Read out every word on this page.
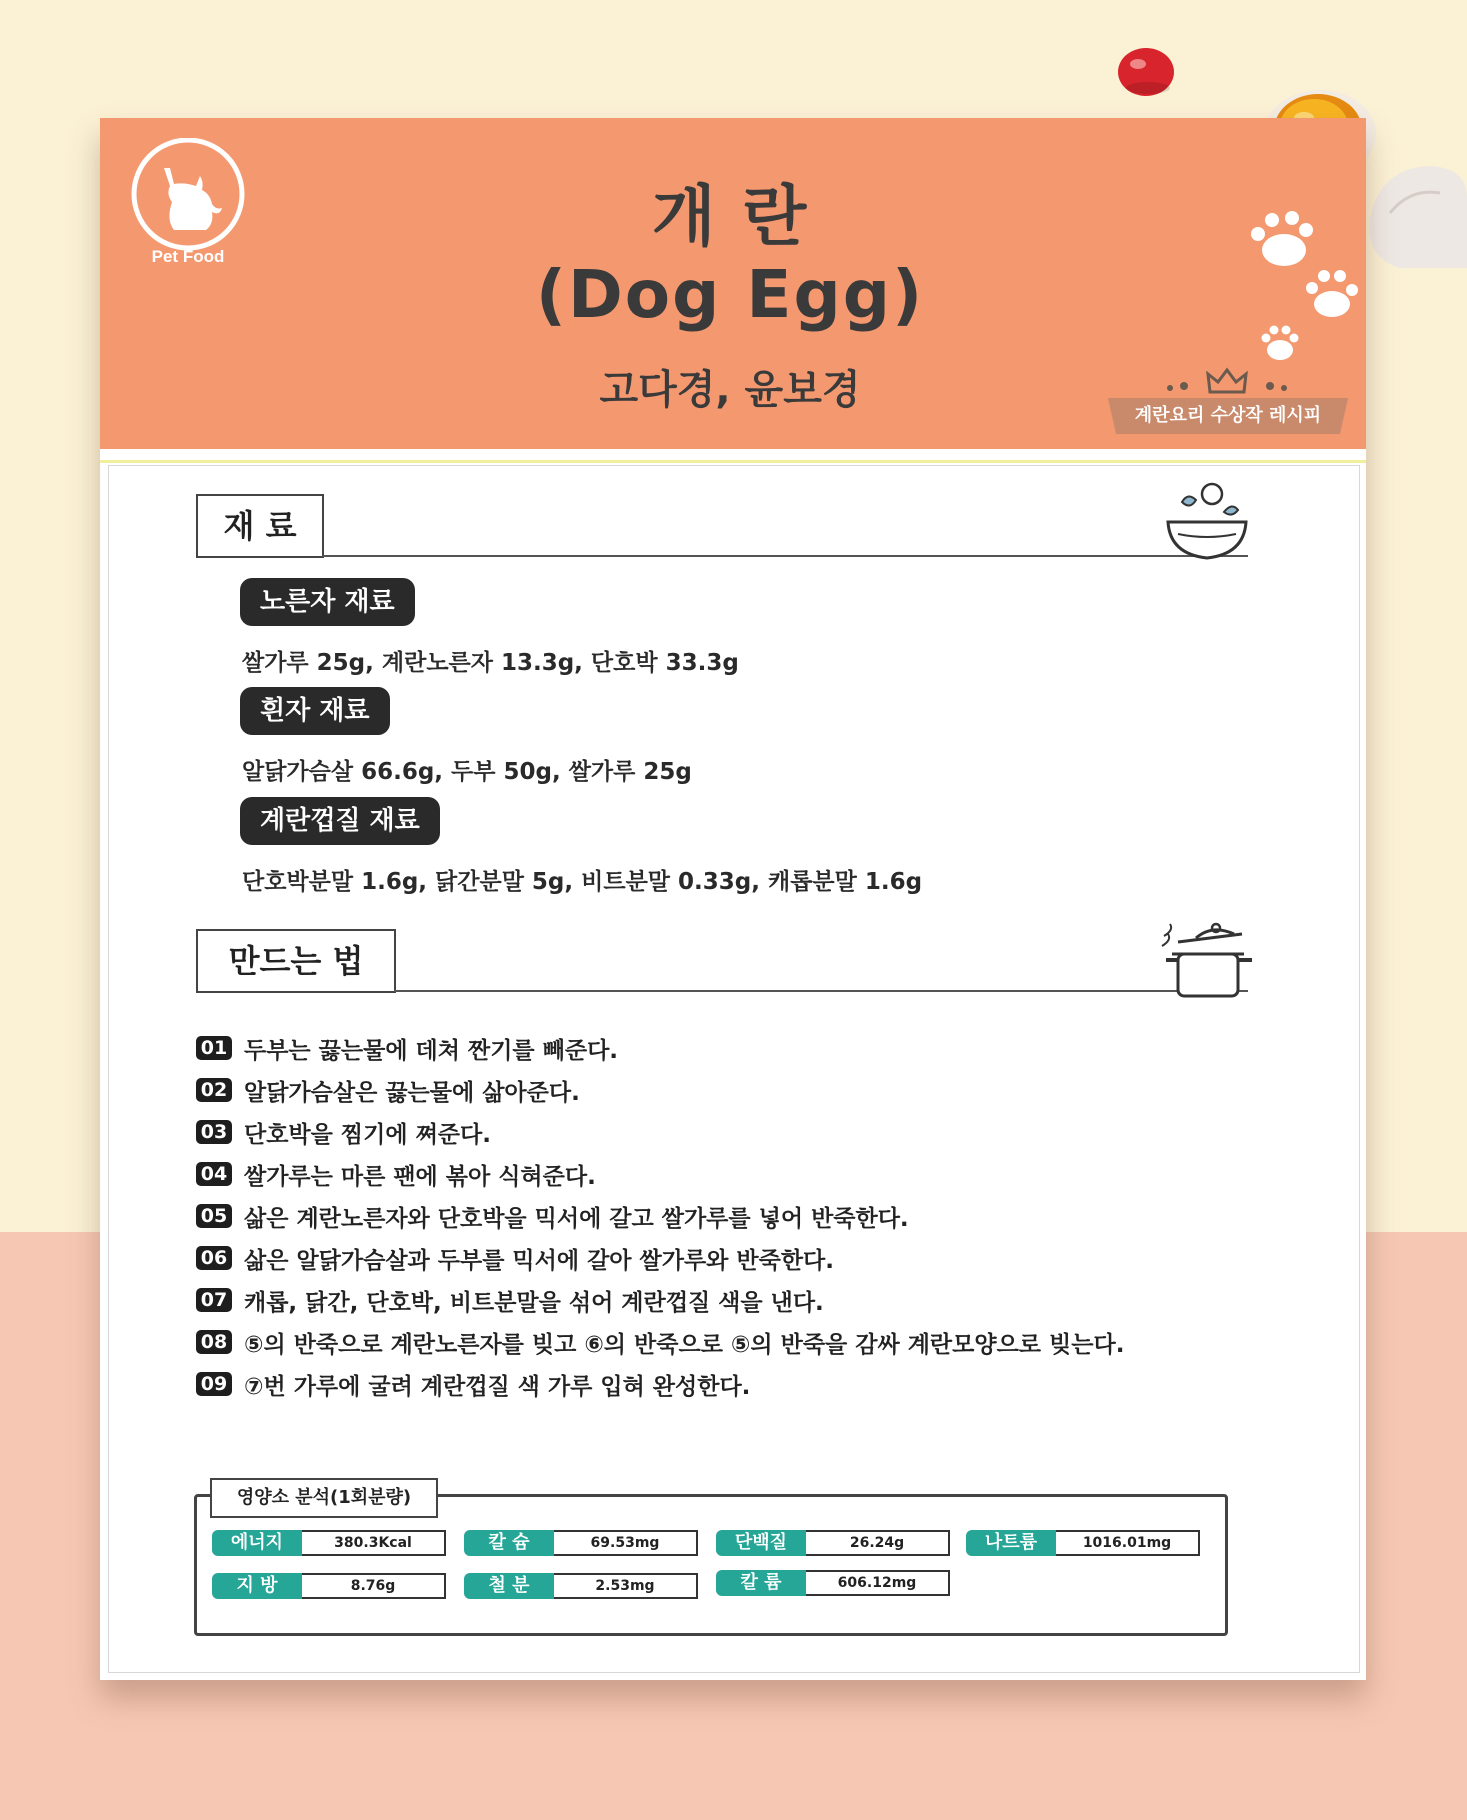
Pet Food
개 란
(Dog Egg)
고다경, 윤보경
계란요리 수상작 레시피
재 료
노른자 재료
쌀가루 25g, 계란노른자 13.3g, 단호박 33.3g
흰자 재료
알닭가슴살 66.6g, 두부 50g, 쌀가루 25g
계란껍질 재료
단호박분말 1.6g, 닭간분말 5g, 비트분말 0.33g, 캐롭분말 1.6g
만드는 법
01 두부는 끓는물에 데쳐 짠기를 빼준다.
02 알닭가슴살은 끓는물에 삶아준다.
03 단호박을 찜기에 쪄준다.
04 쌀가루는 마른 팬에 볶아 식혀준다.
05 삶은 계란노른자와 단호박을 믹서에 갈고 쌀가루를 넣어 반죽한다.
06 삶은 알닭가슴살과 두부를 믹서에 갈아 쌀가루와 반죽한다.
07 캐롭, 닭간, 단호박, 비트분말을 섞어 계란껍질 색을 낸다.
08 ⑤의 반죽으로 계란노른자를 빚고 ⑥의 반죽으로 ⑤의 반죽을 감싸 계란모양으로 빚는다.
09 ⑦번 가루에 굴려 계란껍질 색 가루 입혀 완성한다.
영양소 분석(1회분량)
에너지	380.3Kcal	칼 슘	69.53mg	단백질	26.24g	나트륨	1016.01mg
지 방	8.76g	철 분	2.53mg	칼 륨	606.12mg
